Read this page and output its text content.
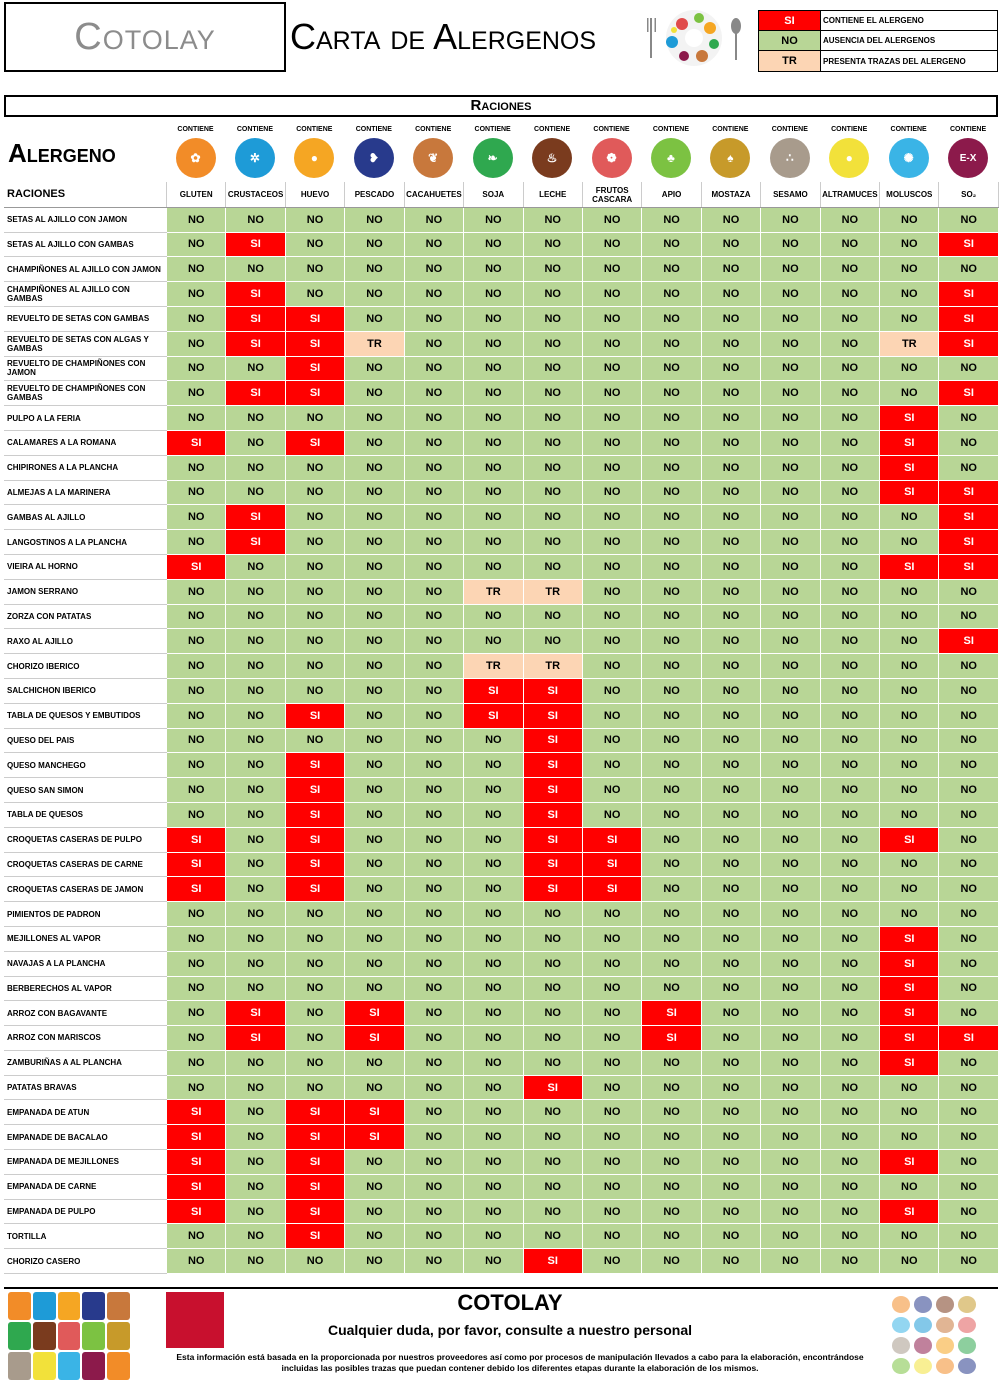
Cotolay Carta de Alergenos	SI	CONTIENE EL ALERGENO
NO	AUSENCIA DEL ALERGENOS
TR	PRESENTA TRAZAS DEL ALERGENO
Raciones
Alergeno
CONTIENE
✿
CONTIENE
✲
CONTIENE
●
CONTIENE
❥
CONTIENE
❦
CONTIENE
❧
CONTIENE
♨
CONTIENE
❁
CONTIENE
♣
CONTIENE
♠
CONTIENE
∴
CONTIENE
●
CONTIENE
✺
CONTIENE
E-X
RACIONES	GLUTEN	CRUSTACEOS	HUEVO	PESCADO	CACAHUETES	SOJA	LECHE	FRUTOS CASCARA	APIO	MOSTAZA	SESAMO	ALTRAMUCES	MOLUSCOS	SO₂
SETAS AL AJILLO CON JAMON	NO	NO	NO	NO	NO	NO	NO	NO	NO	NO	NO	NO	NO	NO
SETAS AL AJILLO CON GAMBAS	NO	SI	NO	NO	NO	NO	NO	NO	NO	NO	NO	NO	NO	SI
CHAMPIÑONES AL AJILLO CON JAMON	NO	NO	NO	NO	NO	NO	NO	NO	NO	NO	NO	NO	NO	NO
CHAMPIÑONES AL AJILLO CON GAMBAS	NO	SI	NO	NO	NO	NO	NO	NO	NO	NO	NO	NO	NO	SI
REVUELTO DE SETAS CON GAMBAS	NO	SI	SI	NO	NO	NO	NO	NO	NO	NO	NO	NO	NO	SI
REVUELTO DE SETAS CON ALGAS Y GAMBAS	NO	SI	SI	TR	NO	NO	NO	NO	NO	NO	NO	NO	TR	SI
REVUELTO DE CHAMPIÑONES CON JAMON	NO	NO	SI	NO	NO	NO	NO	NO	NO	NO	NO	NO	NO	NO
REVUELTO DE CHAMPIÑONES CON GAMBAS	NO	SI	SI	NO	NO	NO	NO	NO	NO	NO	NO	NO	NO	SI
PULPO A LA FERIA	NO	NO	NO	NO	NO	NO	NO	NO	NO	NO	NO	NO	SI	NO
CALAMARES A LA ROMANA	SI	NO	SI	NO	NO	NO	NO	NO	NO	NO	NO	NO	SI	NO
CHIPIRONES A LA PLANCHA	NO	NO	NO	NO	NO	NO	NO	NO	NO	NO	NO	NO	SI	NO
ALMEJAS A LA MARINERA	NO	NO	NO	NO	NO	NO	NO	NO	NO	NO	NO	NO	SI	SI
GAMBAS AL AJILLO	NO	SI	NO	NO	NO	NO	NO	NO	NO	NO	NO	NO	NO	SI
LANGOSTINOS A LA PLANCHA	NO	SI	NO	NO	NO	NO	NO	NO	NO	NO	NO	NO	NO	SI
VIEIRA AL HORNO	SI	NO	NO	NO	NO	NO	NO	NO	NO	NO	NO	NO	SI	SI
JAMON SERRANO	NO	NO	NO	NO	NO	TR	TR	NO	NO	NO	NO	NO	NO	NO
ZORZA CON PATATAS	NO	NO	NO	NO	NO	NO	NO	NO	NO	NO	NO	NO	NO	NO
RAXO AL AJILLO	NO	NO	NO	NO	NO	NO	NO	NO	NO	NO	NO	NO	NO	SI
CHORIZO IBERICO	NO	NO	NO	NO	NO	TR	TR	NO	NO	NO	NO	NO	NO	NO
SALCHICHON IBERICO	NO	NO	NO	NO	NO	SI	SI	NO	NO	NO	NO	NO	NO	NO
TABLA DE QUESOS Y EMBUTIDOS	NO	NO	SI	NO	NO	SI	SI	NO	NO	NO	NO	NO	NO	NO
QUESO DEL PAIS	NO	NO	NO	NO	NO	NO	SI	NO	NO	NO	NO	NO	NO	NO
QUESO MANCHEGO	NO	NO	SI	NO	NO	NO	SI	NO	NO	NO	NO	NO	NO	NO
QUESO SAN SIMON	NO	NO	SI	NO	NO	NO	SI	NO	NO	NO	NO	NO	NO	NO
TABLA DE QUESOS	NO	NO	SI	NO	NO	NO	SI	NO	NO	NO	NO	NO	NO	NO
CROQUETAS CASERAS DE PULPO	SI	NO	SI	NO	NO	NO	SI	SI	NO	NO	NO	NO	SI	NO
CROQUETAS CASERAS DE CARNE	SI	NO	SI	NO	NO	NO	SI	SI	NO	NO	NO	NO	NO	NO
CROQUETAS CASERAS DE JAMON	SI	NO	SI	NO	NO	NO	SI	SI	NO	NO	NO	NO	NO	NO
PIMIENTOS DE PADRON	NO	NO	NO	NO	NO	NO	NO	NO	NO	NO	NO	NO	NO	NO
MEJILLONES AL VAPOR	NO	NO	NO	NO	NO	NO	NO	NO	NO	NO	NO	NO	SI	NO
NAVAJAS A LA PLANCHA	NO	NO	NO	NO	NO	NO	NO	NO	NO	NO	NO	NO	SI	NO
BERBERECHOS AL VAPOR	NO	NO	NO	NO	NO	NO	NO	NO	NO	NO	NO	NO	SI	NO
ARROZ CON BAGAVANTE	NO	SI	NO	SI	NO	NO	NO	NO	SI	NO	NO	NO	SI	NO
ARROZ CON MARISCOS	NO	SI	NO	SI	NO	NO	NO	NO	SI	NO	NO	NO	SI	SI
ZAMBURIÑAS A AL PLANCHA	NO	NO	NO	NO	NO	NO	NO	NO	NO	NO	NO	NO	SI	NO
PATATAS BRAVAS	NO	NO	NO	NO	NO	NO	SI	NO	NO	NO	NO	NO	NO	NO
EMPANADA DE ATUN	SI	NO	SI	SI	NO	NO	NO	NO	NO	NO	NO	NO	NO	NO
EMPANADE DE BACALAO	SI	NO	SI	SI	NO	NO	NO	NO	NO	NO	NO	NO	NO	NO
EMPANADA DE MEJILLONES	SI	NO	SI	NO	NO	NO	NO	NO	NO	NO	NO	NO	SI	NO
EMPANADA DE CARNE	SI	NO	SI	NO	NO	NO	NO	NO	NO	NO	NO	NO	NO	NO
EMPANADA DE PULPO	SI	NO	SI	NO	NO	NO	NO	NO	NO	NO	NO	NO	SI	NO
TORTILLA	NO	NO	SI	NO	NO	NO	NO	NO	NO	NO	NO	NO	NO	NO
CHORIZO CASERO	NO	NO	NO	NO	NO	NO	SI	NO	NO	NO	NO	NO	NO	NO
COTOLAY
Cualquier duda, por favor, consulte a nuestro personal
Esta información está basada en la proporcionada por nuestros proveedores así como por procesos de manipulación llevados a cabo para la elaboración, encontrándose incluidas las posibles trazas que puedan contener debido los diferentes etapas durante la elaboración de los mismos.
